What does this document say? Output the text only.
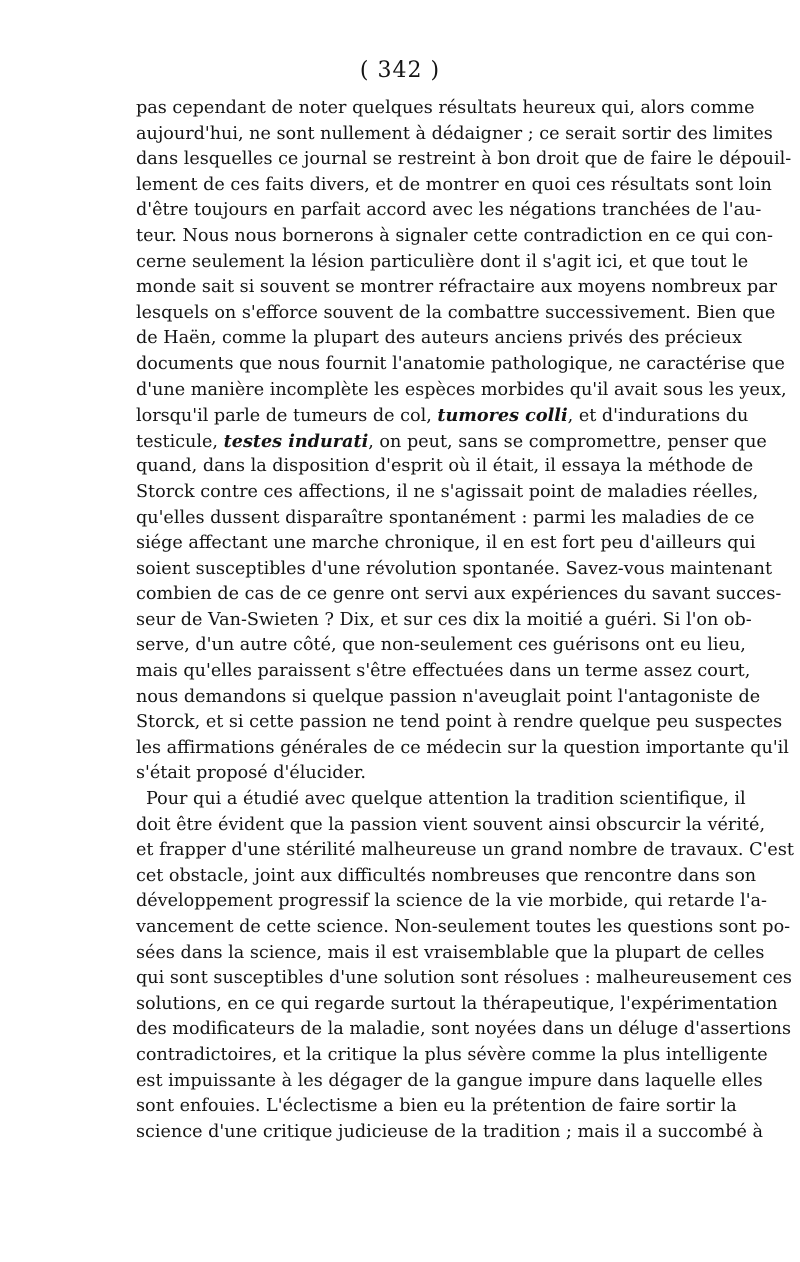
( 342 )
pas cependant de noter quelques résultats heureux qui, alors comme
aujourd'hui, ne sont nullement à dédaigner ; ce serait sortir des limites
dans lesquelles ce journal se restreint à bon droit que de faire le dépouil-
lement de ces faits divers, et de montrer en quoi ces résultats sont loin
d'être toujours en parfait accord avec les négations tranchées de l'au-
teur. Nous nous bornerons à signaler cette contradiction en ce qui con-
cerne seulement la lésion particulière dont il s'agit ici, et que tout le
monde sait si souvent se montrer réfractaire aux moyens nombreux par
lesquels on s'efforce souvent de la combattre successivement. Bien que
de Haën, comme la plupart des auteurs anciens privés des précieux
documents que nous fournit l'anatomie pathologique, ne caractérise que
d'une manière incomplète les espèces morbides qu'il avait sous les yeux,
lorsqu'il parle de tumeurs de col, tumores colli, et d'indurations du
testicule, testes indurati, on peut, sans se compromettre, penser que
quand, dans la disposition d'esprit où il était, il essaya la méthode de
Storck contre ces affections, il ne s'agissait point de maladies réelles,
qu'elles dussent disparaître spontanément : parmi les maladies de ce
siége affectant une marche chronique, il en est fort peu d'ailleurs qui
soient susceptibles d'une révolution spontanée. Savez-vous maintenant
combien de cas de ce genre ont servi aux expériences du savant succes-
seur de Van-Swieten ? Dix, et sur ces dix la moitié a guéri. Si l'on ob-
serve, d'un autre côté, que non-seulement ces guérisons ont eu lieu,
mais qu'elles paraissent s'être effectuées dans un terme assez court,
nous demandons si quelque passion n'aveuglait point l'antagoniste de
Storck, et si cette passion ne tend point à rendre quelque peu suspectes
les affirmations générales de ce médecin sur la question importante qu'il
s'était proposé d'élucider.
Pour qui a étudié avec quelque attention la tradition scientifique, il
doit être évident que la passion vient souvent ainsi obscurcir la vérité,
et frapper d'une stérilité malheureuse un grand nombre de travaux. C'est
cet obstacle, joint aux difficultés nombreuses que rencontre dans son
développement progressif la science de la vie morbide, qui retarde l'a-
vancement de cette science. Non-seulement toutes les questions sont po-
sées dans la science, mais il est vraisemblable que la plupart de celles
qui sont susceptibles d'une solution sont résolues : malheureusement ces
solutions, en ce qui regarde surtout la thérapeutique, l'expérimentation
des modificateurs de la maladie, sont noyées dans un déluge d'assertions
contradictoires, et la critique la plus sévère comme la plus intelligente
est impuissante à les dégager de la gangue impure dans laquelle elles
sont enfouies. L'éclectisme a bien eu la prétention de faire sortir la
science d'une critique judicieuse de la tradition ; mais il a succombé à
